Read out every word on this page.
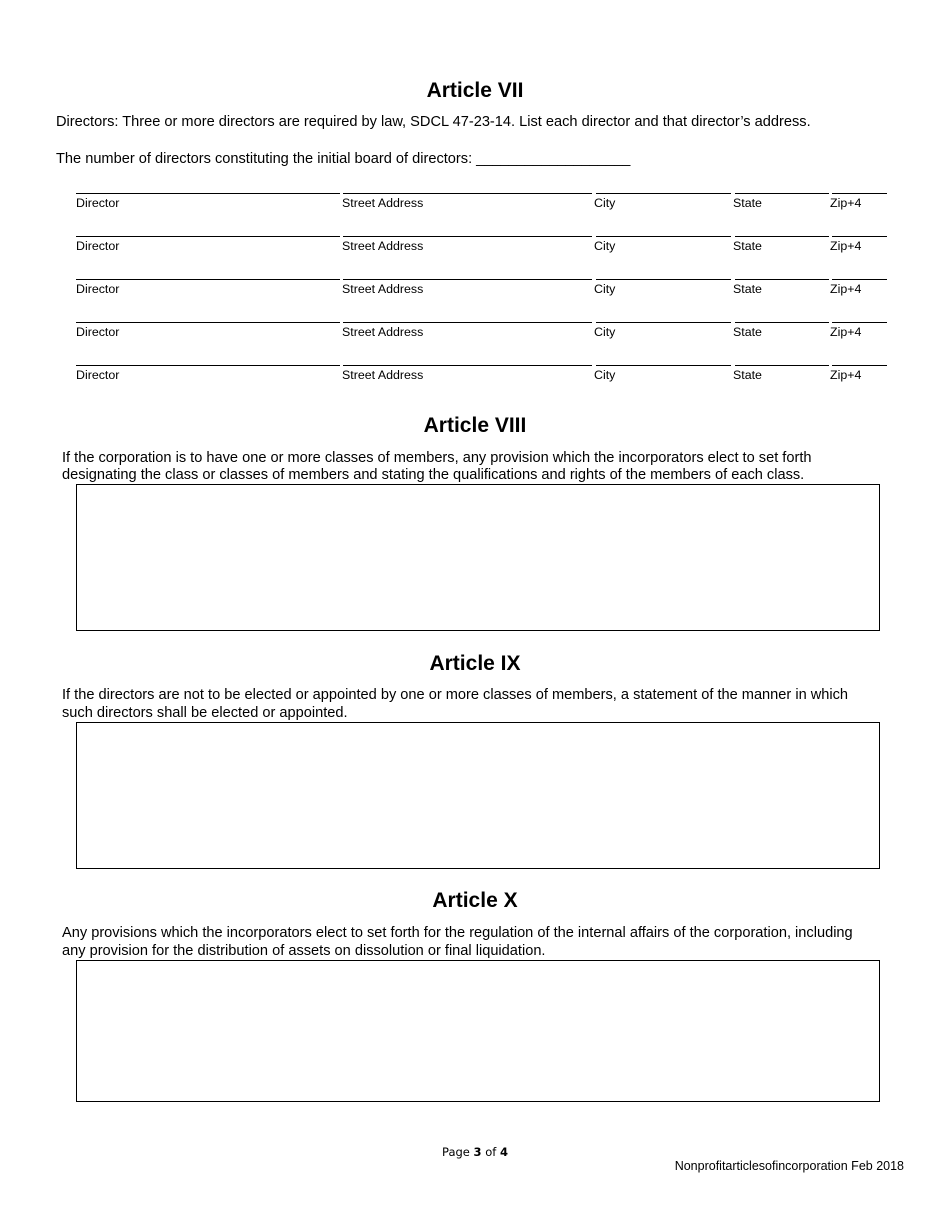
Article VII
Directors: Three or more directors are required by law, SDCL 47-23-14. List each director and that director’s address.
The number of directors constituting the initial board of directors: ___________________
Director	Street Address	City	State	Zip+4
Director	Street Address	City	State	Zip+4
Director	Street Address	City	State	Zip+4
Director	Street Address	City	State	Zip+4
Director	Street Address	City	State	Zip+4
Article VIII
If the corporation is to have one or more classes of members, any provision which the incorporators elect to set forth
designating the class or classes of members and stating the qualifications and rights of the members of each class.
Article IX
If the directors are not to be elected or appointed by one or more classes of members, a statement of the manner in which
such directors shall be elected or appointed.
Article X
Any provisions which the incorporators elect to set forth for the regulation of the internal affairs of the corporation, including
any provision for the distribution of assets on dissolution or final liquidation.
Page 3 of 4
Nonprofitarticlesofincorporation Feb 2018
